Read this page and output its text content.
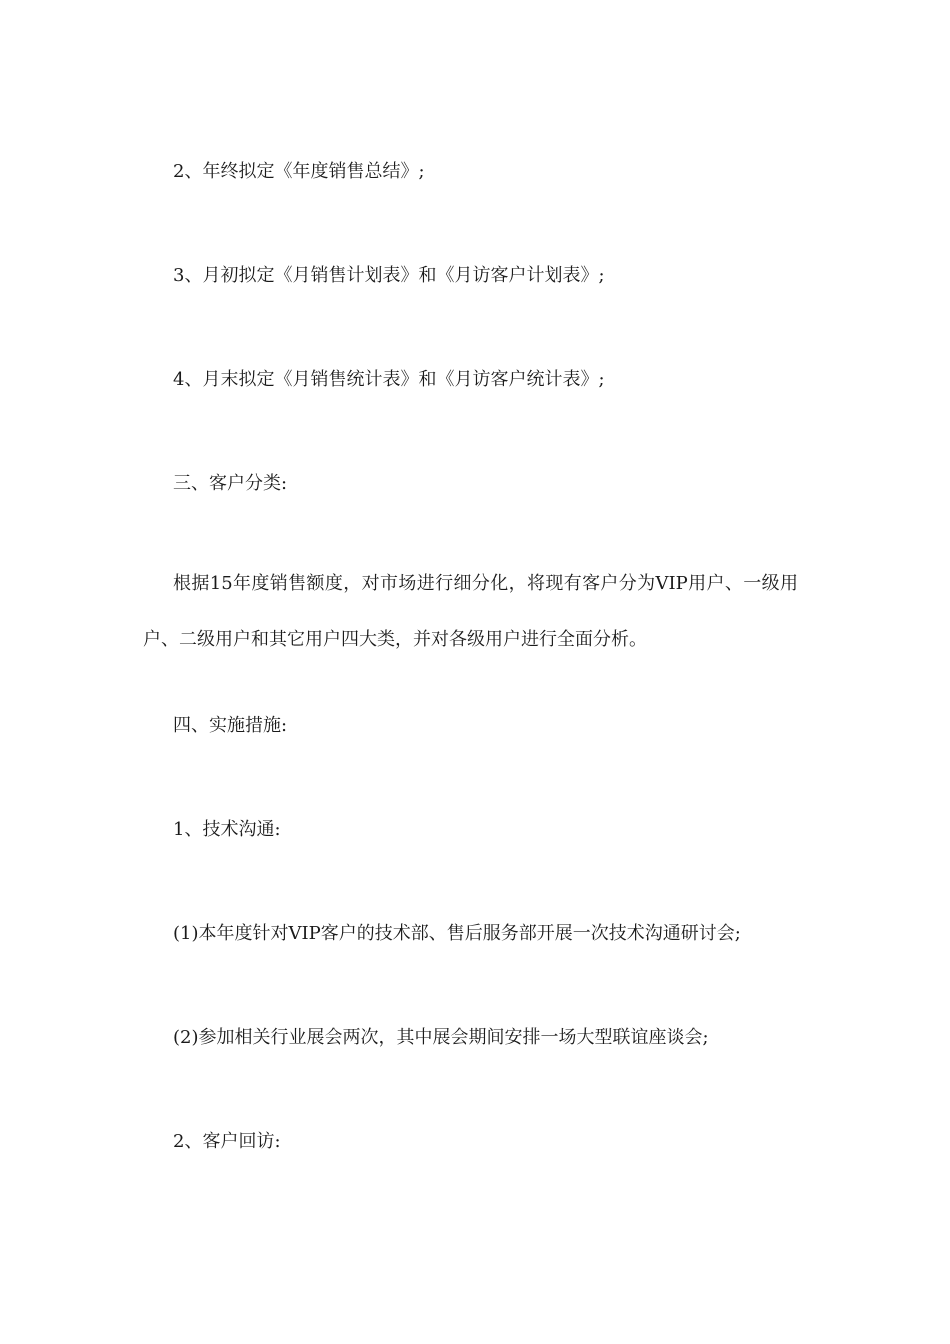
2、年终拟定《年度销售总结》;

3、月初拟定《月销售计划表》和《月访客户计划表》;

4、月末拟定《月销售统计表》和《月访客户统计表》;

三、客户分类:

根据15年度销售额度，对市场进行细分化，将现有客户分为VIP用户、一级用户、二级用户和其它用户四大类，并对各级用户进行全面分析。

四、实施措施:

1、技术沟通:

(1)本年度针对VIP客户的技术部、售后服务部开展一次技术沟通研讨会;

(2)参加相关行业展会两次，其中展会期间安排一场大型联谊座谈会;

2、客户回访:
